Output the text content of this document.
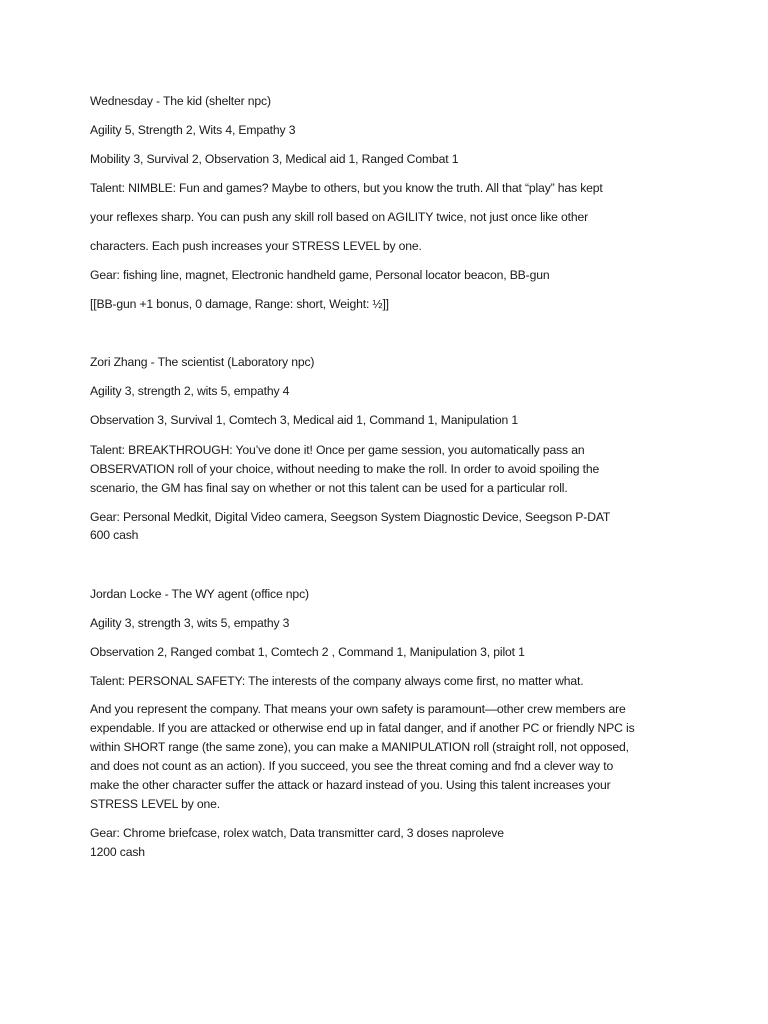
Wednesday - The kid (shelter npc)
Agility 5, Strength 2, Wits 4, Empathy 3
Mobility 3, Survival 2, Observation 3, Medical aid 1, Ranged Combat 1
Talent: NIMBLE: Fun and games? Maybe to others, but you know the truth. All that “play” has kept
your reflexes sharp. You can push any skill roll based on AGILITY twice, not just once like other
characters. Each push increases your STRESS LEVEL by one.
Gear: fishing line, magnet, Electronic handheld game, Personal locator beacon, BB-gun
[[BB-gun +1 bonus, 0 damage, Range: short, Weight: ½]]
Zori Zhang - The scientist (Laboratory npc)
Agility 3, strength 2, wits 5, empathy 4
Observation 3, Survival 1, Comtech 3, Medical aid 1, Command 1, Manipulation 1
Talent: BREAKTHROUGH: You’ve done it! Once per game session, you automatically pass an
OBSERVATION roll of your choice, without needing to make the roll. In order to avoid spoiling the
scenario, the GM has final say on whether or not this talent can be used for a particular roll.
Gear: Personal Medkit, Digital Video camera, Seegson System Diagnostic Device, Seegson P-DAT
600 cash
Jordan Locke - The WY agent (office npc)
Agility 3, strength 3, wits 5, empathy 3
Observation 2, Ranged combat 1, Comtech 2 , Command 1, Manipulation 3, pilot 1
Talent: PERSONAL SAFETY: The interests of the company always come first, no matter what.
And you represent the company. That means your own safety is paramount—other crew members are
expendable. If you are attacked or otherwise end up in fatal danger, and if another PC or friendly NPC is
within SHORT range (the same zone), you can make a MANIPULATION roll (straight roll, not opposed,
and does not count as an action). If you succeed, you see the threat coming and fnd a clever way to
make the other character suffer the attack or hazard instead of you. Using this talent increases your
STRESS LEVEL by one.
Gear: Chrome briefcase, rolex watch, Data transmitter card, 3 doses naproleve
1200 cash
